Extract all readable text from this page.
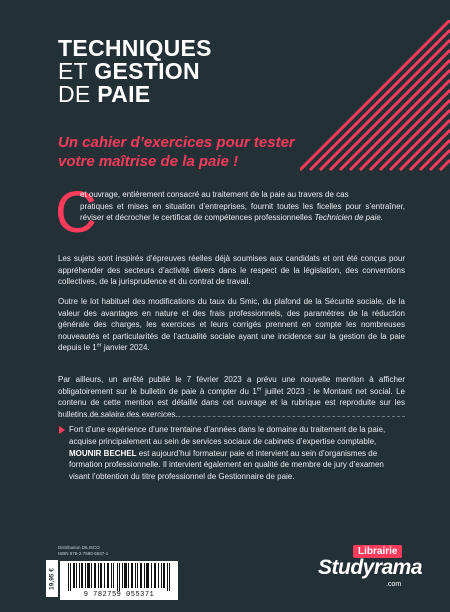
TECHNIQUES
ET GESTION
DE PAIE
Un cahier d’exercices pour tester
votre maîtrise de la paie !
C
et ouvrage, entièrement consacré au traitement de la paie au travers de cas
pratiques et mises en situation d’entreprises, fournit toutes les ficelles pour s’entraîner, réviser et décrocher le certificat de compétences professionnelles Technicien de paie.
Les sujets sont inspirés d’épreuves réelles déjà soumises aux candidats et ont été conçus pour appréhender des secteurs d’activité divers dans le respect de la législation, des conventions collectives, de la jurisprudence et du contrat de travail.
Outre le lot habituel des modifications du taux du Smic, du plafond de la Sécurité sociale, de la valeur des avantages en nature et des frais professionnels, des paramètres de la réduction générale des charges, les exercices et leurs corrigés prennent en compte les nombreuses nouveautés et particularités de l’actualité sociale ayant une incidence sur la gestion de la paie depuis le 1er janvier 2024.
Par ailleurs, un arrêté publié le 7 février 2023 a prévu une nouvelle mention à afficher obligatoirement sur le bulletin de paie à compter du 1er juillet 2023 : le Montant net social. Le contenu de cette mention est détaillé dans cet ouvrage et la rubrique est reproduite sur les bulletins de salaire des exercices.
Fort d’une expérience d’une trentaine d’années dans le domaine du traitement de la paie, acquise principalement au sein de services sociaux de cabinets d’expertise comptable, MOUNIR BECHEL est aujourd’hui formateur paie et intervient au sein d’organismes de formation professionnelle. Il intervient également en qualité de membre de jury d’examen visant l’obtention du titre professionnel de Gestionnaire de paie.
Distribution DILISCO
ISBN 978-2-7590-5537-1
19,95 €
9 782759 055371
Librairie
Studyrama
.com
